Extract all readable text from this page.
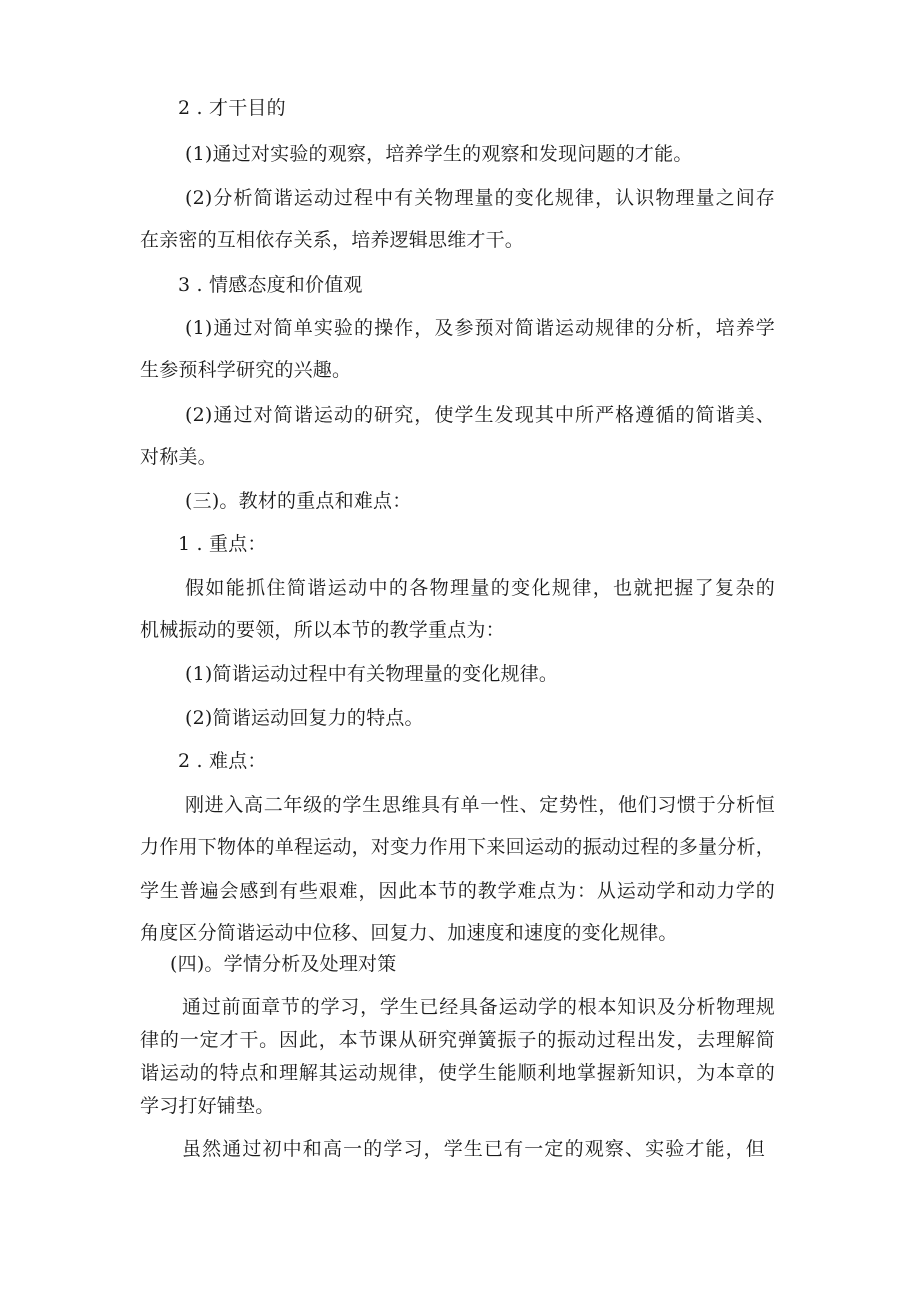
2 . 才干目的
(1)通过对实验的观察，培养学生的观察和发现问题的才能。
(2)分析简谐运动过程中有关物理量的变化规律，认识物理量之间存
在亲密的互相依存关系，培养逻辑思维才干。
3 . 情感态度和价值观
(1)通过对简单实验的操作，及参预对简谐运动规律的分析，培养学
生参预科学研究的兴趣。
(2)通过对简谐运动的研究，使学生发现其中所严格遵循的简谐美、
对称美。
(三)。教材的重点和难点：
1 . 重点：
假如能抓住简谐运动中的各物理量的变化规律，也就把握了复杂的
机械振动的要领，所以本节的教学重点为：
(1)简谐运动过程中有关物理量的变化规律。
(2)简谐运动回复力的特点。
2 . 难点：
刚进入高二年级的学生思维具有单一性、定势性，他们习惯于分析恒
力作用下物体的单程运动，对变力作用下来回运动的振动过程的多量分析，
学生普遍会感到有些艰难，因此本节的教学难点为：从运动学和动力学的
角度区分简谐运动中位移、回复力、加速度和速度的变化规律。
(四)。学情分析及处理对策
通过前面章节的学习，学生已经具备运动学的根本知识及分析物理规
律的一定才干。因此，本节课从研究弹簧振子的振动过程出发，去理解简
谐运动的特点和理解其运动规律，使学生能顺利地掌握新知识，为本章的
学习打好铺垫。
虽然通过初中和高一的学习，学生已有一定的观察、实验才能，但
